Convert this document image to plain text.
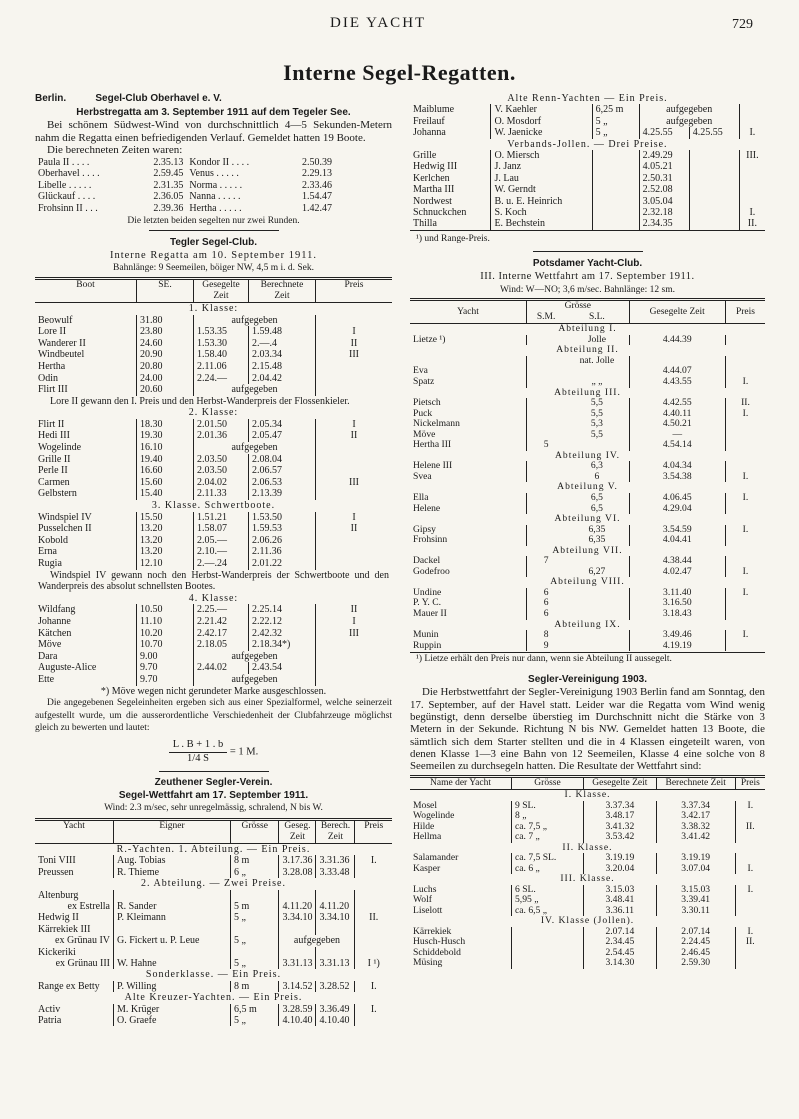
DIE YACHT	729
Interne Segel-Regatten.
Berlin.	Segel-Club Oberhavel e. V.
Herbstregatta am 3. September 1911 auf dem Tegeler See.
Bei schönem Südwest-Wind von durchschnittlich 4—5 Sekunden-Metern nahm die Regatta einen befriedigenden Verlauf. Gemeldet hatten 19 Boote.
Die berechneten Zeiten waren:
Paula II . . . .	2.35.13	Kondor II . . . .	2.50.39
Oberhavel . . . .	2.59.45	Venus . . . . .	2.29.13
Libelle . . . . .	2.31.35	Norma . . . . .	2.33.46
Glückauf . . . .	2.36.05	Nanna . . . . .	1.54.47
Frohsinn II . . .	2.39.36	Hertha . . . . .	1.42.47
Die letzten beiden segelten nur zwei Runden.
Tegler Segel-Club.
Interne Regatta am 10. September 1911.
Bahnlänge: 9 Seemeilen, böiger NW, 4,5 m i. d. Sek.
Boot	SE.	Gesegelte Zeit	Berechnete Zeit	Preis
1. Klasse:				
Beowulf	31.80	aufgegeben		
Lore II	23.80	1.53.35	1.59.48	I
Wanderer II	24.60	1.53.30	2.—.4	II
Windbeutel	20.90	1.58.40	2.03.34	III
Hertha	20.80	2.11.06	2.15.48	
Odin	24.00	2.24.—	2.04.42	
Flirt III	20.60	aufgegeben		
Lore II gewann den I. Preis und den Herbst-Wanderpreis der Flossenkieler.				
2. Klasse:				
Flirt II	18.30	2.01.50	2.05.34	I
Hedi III	19.30	2.01.36	2.05.47	II
Wogelinde	16.10	aufgegeben		
Grille II	19.40	2.03.50	2.08.04	
Perle II	16.60	2.03.50	2.06.57	
Carmen	15.60	2.04.02	2.06.53	III
Gelbstern	15.40	2.11.33	2.13.39	
3. Klasse. Schwertboote.				
Windspiel IV	15.50	1.51.21	1.53.50	I
Pusselchen II	13.20	1.58.07	1.59.53	II
Kobold	13.20	2.05.—	2.06.26	
Erna	13.20	2.10.—	2.11.36	
Rugia	12.10	2.—.24	2.01.22	
Windspiel IV gewann noch den Herbst-Wanderpreis der Schwertboote und den Wanderpreis des absolut schnellsten Bootes.				
4. Klasse:				
Wildfang	10.50	2.25.—	2.25.14	II
Johanne	11.10	2.21.42	2.22.12	I
Kätchen	10.20	2.42.17	2.42.32	III
Möve	10.70	2.18.05	2.18.34*)	
Dara	9.00	aufgegeben		
Auguste-Alice	9.70	2.44.02	2.43.54	
Ette	9.70	aufgegeben		
*) Möve wegen nicht gerundeter Marke ausgeschlossen.				
Die angegebenen Segeleinheiten ergeben sich aus einer Spezialformel, welche seinerzeit aufgestellt wurde, um die ausserordentliche Verschiedenheit der Clubfahrzeuge möglichst gleich zu bewerten und lautet:
$\frac{L . B + 1 . b}{1/4 S} = 1$ M.
Zeuthener Segler-Verein.
Segel-Wettfahrt am 17. September 1911.
Wind: 2.3 m/sec, sehr unregelmässig, schralend, N bis W.
Yacht	Eigner	Grösse	Geseg. Zeit	Berech. Zeit	Preis
R.-Yachten. 1. Abteilung. — Ein Preis.					
Toni VIII	Aug. Tobias	8 m	3.17.36	3.31.36	I.
Preussen	R. Thieme	6 „	3.28.08	3.33.48	
2. Abteilung. — Zwei Preise.					
Altenburg					
ex Estrella	R. Sander	5 m	4.11.20	4.11.20	
Hedwig II	P. Kleimann	5 „	3.34.10	3.34.10	II.
Kärrekiek III					
ex Grünau IV	G. Fickert u. P. Leue	5 „	aufgegeben		
Kickeriki					
ex Grünau III	W. Hahne	5 „	3.31.13	3.31.13	I ¹)
Sonderklasse. — Ein Preis.					
Range ex Betty	P. Willing	8 m	3.14.52	3.28.52	I.
Alte Kreuzer-Yachten. — Ein Preis.					
Activ	M. Krüger	6,5 m	3.28.59	3.36.49	I.
Patria	O. Graefe	5 „	4.10.40	4.10.40	
Alte Renn-Yachten — Ein Preis.					
Maiblume	V. Kaehler	6,25 m	aufgegeben		
Freilauf	O. Mosdorf	5 „	aufgegeben		
Johanna	W. Jaenicke	5 „	4.25.55	4.25.55	I.
Verbands-Jollen. — Drei Preise.					
Grille	O. Miersch		2.49.29		III.
Hedwig III	J. Janz		4.05.21		
Kerlchen	J. Lau		2.50.31		
Martha III	W. Gerndt		2.52.08		
Nordwest	B. u. E. Heinrich		3.05.04		
Schnuckchen	S. Koch		2.32.18		I.
Thilla	E. Bechstein		2.34.35		II.
¹) und Range-Preis.
Potsdamer Yacht-Club.
III. Interne Wettfahrt am 17. September 1911.
Wind: W—NO; 3,6 m/sec. Bahnlänge: 12 sm.
Yacht	Grösse		Gesegelte Zeit	Preis
	S.M.	S.L.		
Abteilung I.				
Lietze ¹)		Jolle	4.44.39	
Abteilung II.				
		nat. Jolle		
Eva			4.44.07	
Spatz		„ „	4.43.55	I.
Abteilung III.				
Pietsch		5,5	4.42.55	II.
Puck		5,5	4.40.11	I.
Nickelmann		5,3	4.50.21	
Möve		5,5	—	
Hertha III	5		4.54.14	
Abteilung IV.				
Helene III		6,3	4.04.34	
Svea		6	3.54.38	I.
Abteilung V.				
Ella		6,5	4.06.45	I.
Helene		6,5	4.29.04	
Abteilung VI.				
Gipsy		6,35	3.54.59	I.
Frohsinn		6,35	4.04.41	
Abteilung VII.				
Dackel	7		4.38.44	
Godefroo		6,27	4.02.47	I.
Abteilung VIII.				
Undine	6		3.11.40	I.
P. Y. C.	6		3.16.50	
Mauer II	6		3.18.43	
Abteilung IX.				
Munin	8		3.49.46	I.
Ruppin	9		4.19.19	
¹) Lietze erhält den Preis nur dann, wenn sie Abteilung II aussegelt.
Segler-Vereinigung 1903.
Die Herbstwettfahrt der Segler-Vereinigung 1903 Berlin fand am Sonntag, den 17. September, auf der Havel statt. Leider war die Regatta vom Wind wenig begünstigt, denn derselbe überstieg im Durchschnitt nicht die Stärke von 3 Metern in der Sekunde. Richtung N bis NW. Gemeldet hatten 13 Boote, die sämtlich sich dem Starter stellten und die in 4 Klassen eingeteilt waren, von denen Klasse 1—3 eine Bahn von 12 Seemeilen, Klasse 4 eine solche von 8 Seemeilen zu durchsegeln hatten. Die Resultate der Wettfahrt sind:
Name der Yacht	Grösse	Gesegelte Zeit	Berechnete Zeit	Preis
I. Klasse.				
Mosel	9 SL.	3.37.34	3.37.34	I.
Wogelinde	8 „	3.48.17	3.42.17	
Hilde	ca. 7,5 „	3.41.32	3.38.32	II.
Hellma	ca. 7 „	3.53.42	3.41.42	
II. Klasse.				
Salamander	ca. 7,5 SL.	3.19.19	3.19.19	
Kasper	ca. 6 „	3.20.04	3.07.04	I.
III. Klasse.				
Luchs	6 SL.	3.15.03	3.15.03	I.
Wolf	5,95 „	3.48.41	3.39.41	
Liselott	ca. 6,5 „	3.36.11	3.30.11	
IV. Klasse (Jollen).				
Kärrekiek		2.07.14	2.07.14	I.
Husch-Husch		2.34.45	2.24.45	II.
Schiddebold		2.54.45	2.46.45	
Müsing		3.14.30	2.59.30	
